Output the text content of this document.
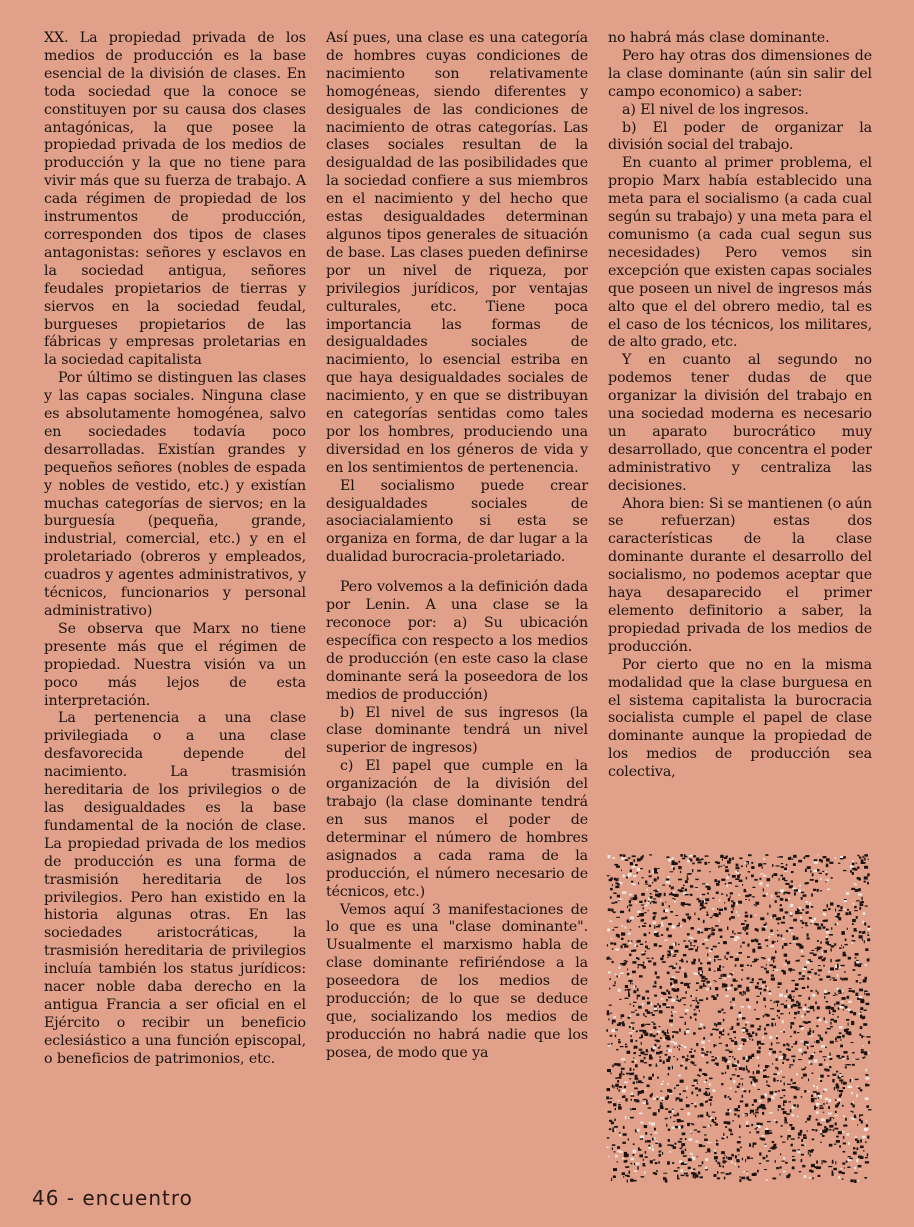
XX. La propiedad privada de los medios de producción es la base esencial de la división de clases. En toda sociedad que la conoce se constituyen por su causa dos clases antagónicas, la que posee la propiedad privada de los medios de producción y la que no tiene para vivir más que su fuerza de trabajo. A cada régimen de propiedad de los instrumentos de producción, corresponden dos tipos de clases antagonistas: señores y esclavos en la sociedad antigua, señores feudales propietarios de tierras y siervos en la sociedad feudal, burgueses propietarios de las fábricas y empresas proletarias en la sociedad capitalista

Por último se distinguen las clases y las capas sociales. Ninguna clase es absolutamente homogénea, salvo en sociedades todavía poco desarrolladas. Existían grandes y pequeños señores (nobles de espada y nobles de vestido, etc.) y existían muchas categorías de siervos; en la burguesía (pequeña, grande, industrial, comercial, etc.) y en el proletariado (obreros y empleados, cuadros y agentes administrativos, y técnicos, funcionarios y personal administrativo)

Se observa que Marx no tiene presente más que el régimen de propiedad. Nuestra visión va un poco más lejos de esta interpretación.

La pertenencia a una clase privilegiada o a una clase desfavorecida depende del nacimiento. La trasmisión hereditaria de los privilegios o de las desigualdades es la base fundamental de la noción de clase. La propiedad privada de los medios de producción es una forma de trasmisión hereditaria de los privilegios. Pero han existido en la historia algunas otras. En las sociedades aristocráticas, la trasmisión hereditaria de privilegios incluía también los status jurídicos: nacer noble daba derecho en la antigua Francia a ser oficial en el Ejército o recibir un beneficio eclesiástico a una función episcopal, o beneficios de patrimonios, etc.

Así pues, una clase es una categoría de hombres cuyas condiciones de nacimiento son relativamente homogéneas, siendo diferentes y desiguales de las condiciones de nacimiento de otras categorías. Las clases sociales resultan de la desigualdad de las posibilidades que la sociedad confiere a sus miembros en el nacimiento y del hecho que estas desigualdades determinan algunos tipos generales de situación de base. Las clases pueden definirse por un nivel de riqueza, por privilegios jurídicos, por ventajas culturales, etc. Tiene poca importancia las formas de desigualdades sociales de nacimiento, lo esencial estriba en que haya desigualdades sociales de nacimiento, y en que se distribuyan en categorías sentidas como tales por los hombres, produciendo una diversidad en los géneros de vida y en los sentimientos de pertenencia.

El socialismo puede crear desigualdades sociales de asociacialamiento si esta se organiza en forma, de dar lugar a la dualidad burocracia-proletariado.

Pero volvemos a la definición dada por Lenin. A una clase se la reconoce por: a) Su ubicación específica con respecto a los medios de producción (en este caso la clase dominante será la poseedora de los medios de producción)

b) El nivel de sus ingresos (la clase dominante tendrá un nivel superior de ingresos)

c) El papel que cumple en la organización de la división del trabajo (la clase dominante tendrá en sus manos el poder de determinar el número de hombres asignados a cada rama de la producción, el número necesario de técnicos, etc.)

Vemos aquí 3 manifestaciones de lo que es una "clase dominante". Usualmente el marxismo habla de clase dominante refiriéndose a la poseedora de los medios de producción; de lo que se deduce que, socializando los medios de producción no habrá nadie que los posea, de modo que ya

no habrá más clase dominante.

Pero hay otras dos dimensiones de la clase dominante (aún sin salir del campo economico) a saber:

a) El nivel de los ingresos.

b) El poder de organizar la división social del trabajo.

En cuanto al primer problema, el propio Marx había establecido una meta para el socialismo (a cada cual según su trabajo) y una meta para el comunismo (a cada cual segun sus necesidades) Pero vemos sin excepción que existen capas sociales que poseen un nivel de ingresos más alto que el del obrero medio, tal es el caso de los técnicos, los militares, de alto grado, etc.

Y en cuanto al segundo no podemos tener dudas de que organizar la división del trabajo en una sociedad moderna es necesario un aparato burocrático muy desarrollado, que concentra el poder administrativo y centraliza las decisiones.

Ahora bien: Si se mantienen (o aún se refuerzan) estas dos características de la clase dominante durante el desarrollo del socialismo, no podemos aceptar que haya desaparecido el primer elemento definitorio a saber, la propiedad privada de los medios de producción.

Por cierto que no en la misma modalidad que la clase burguesa en el sistema capitalista la burocracia socialista cumple el papel de clase dominante aunque la propiedad de los medios de producción sea colectiva,

46 - encuentro
